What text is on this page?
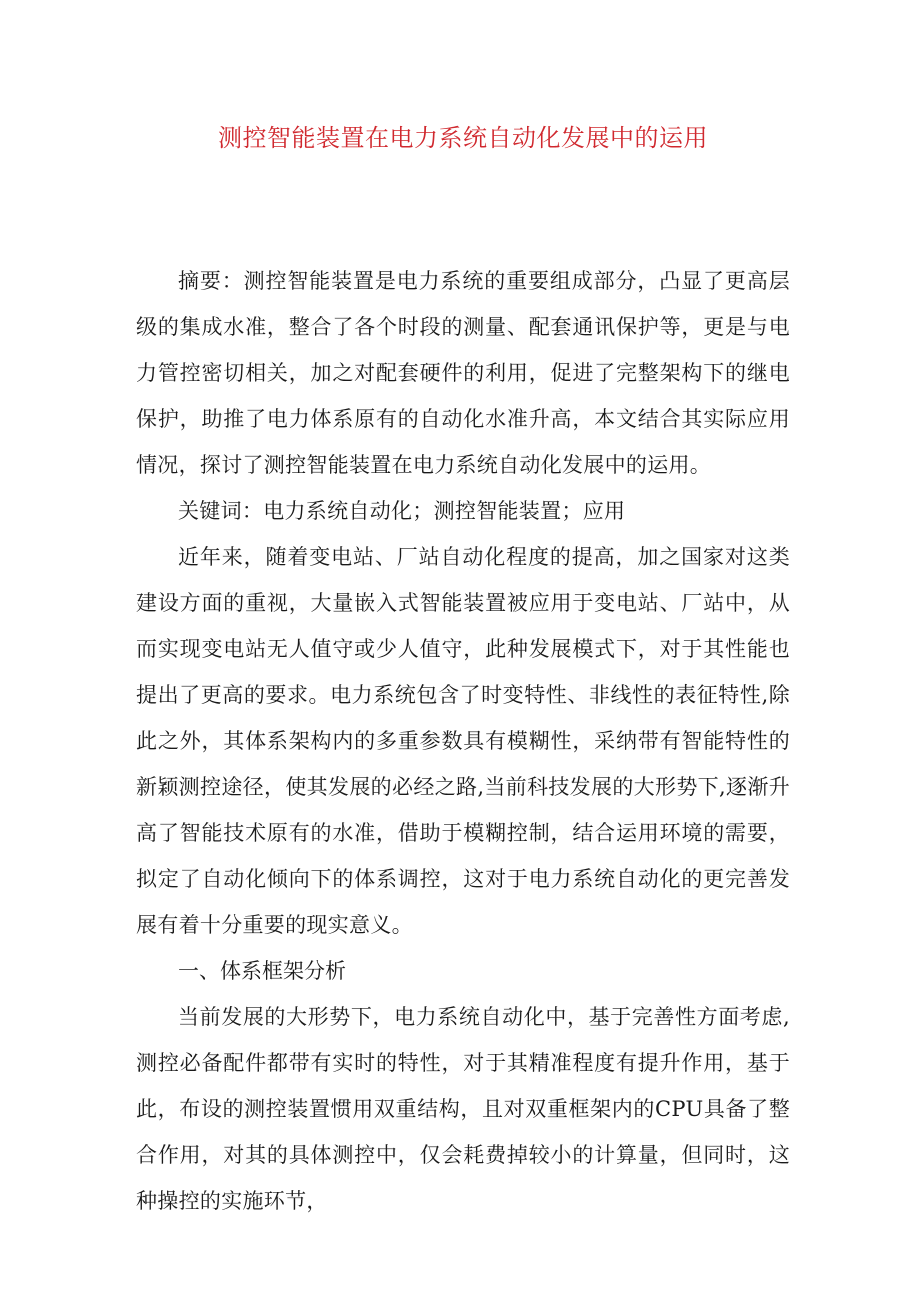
测控智能装置在电力系统自动化发展中的运用

摘要：测控智能装置是电力系统的重要组成部分，凸显了更高层级的集成水准，整合了各个时段的测量、配套通讯保护等，更是与电力管控密切相关，加之对配套硬件的利用，促进了完整架构下的继电保护，助推了电力体系原有的自动化水准升高，本文结合其实际应用情况，探讨了测控智能装置在电力系统自动化发展中的运用。

关键词：电力系统自动化；测控智能装置；应用

近年来，随着变电站、厂站自动化程度的提高，加之国家对这类建设方面的重视，大量嵌入式智能装置被应用于变电站、厂站中，从而实现变电站无人值守或少人值守，此种发展模式下，对于其性能也提出了更高的要求。电力系统包含了时变特性、非线性的表征特性,除此之外，其体系架构内的多重参数具有模糊性，采纳带有智能特性的新颖测控途径，使其发展的必经之路,当前科技发展的大形势下,逐渐升高了智能技术原有的水准，借助于模糊控制，结合运用环境的需要，拟定了自动化倾向下的体系调控，这对于电力系统自动化的更完善发展有着十分重要的现实意义。

一、体系框架分析

当前发展的大形势下，电力系统自动化中，基于完善性方面考虑,测控必备配件都带有实时的特性，对于其精准程度有提升作用，基于此，布设的测控装置惯用双重结构，且对双重框架内的CPU具备了整合作用，对其的具体测控中，仅会耗费掉较小的计算量，但同时，这种操控的实施环节，
